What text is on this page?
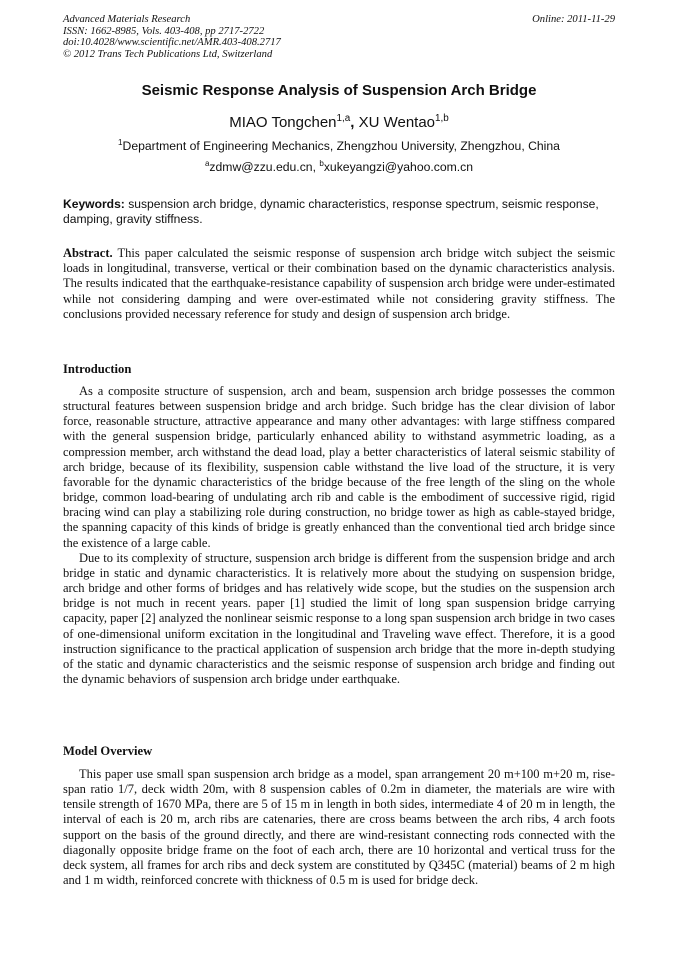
Advanced Materials Research
ISSN: 1662-8985, Vols. 403-408, pp 2717-2722
doi:10.4028/www.scientific.net/AMR.403-408.2717
© 2012 Trans Tech Publications Ltd, Switzerland
Online: 2011-11-29
Seismic Response Analysis of Suspension Arch Bridge
MIAO Tongchen$^{1,a}$, XU Wentao$^{1,b}$
$^1$Department of Engineering Mechanics, Zhengzhou University, Zhengzhou, China
$^a$zdmw@zzu.edu.cn, $^b$xukeyangzi@yahoo.com.cn
Keywords: suspension arch bridge, dynamic characteristics, response spectrum, seismic response, damping, gravity stiffness.
Abstract. This paper calculated the seismic response of suspension arch bridge witch subject the seismic loads in longitudinal, transverse, vertical or their combination based on the dynamic characteristics analysis. The results indicated that the earthquake-resistance capability of suspension arch bridge were under-estimated while not considering damping and were over-estimated while not considering gravity stiffness. The conclusions provided necessary reference for study and design of suspension arch bridge.
Introduction

As a composite structure of suspension, arch and beam, suspension arch bridge possesses the common structural features between suspension bridge and arch bridge. Such bridge has the clear division of labor force, reasonable structure, attractive appearance and many other advantages: with large stiffness compared with the general suspension bridge, particularly enhanced ability to withstand asymmetric loading, as a compression member, arch withstand the dead load, play a better characteristics of lateral seismic stability of arch bridge, because of its flexibility, suspension cable withstand the live load of the structure, it is very favorable for the dynamic characteristics of the bridge because of the free length of the sling on the whole bridge, common load-bearing of undulating arch rib and cable is the embodiment of successive rigid, rigid bracing wind can play a stabilizing role during construction, no bridge tower as high as cable-stayed bridge, the spanning capacity of this kinds of bridge is greatly enhanced than the conventional tied arch bridge since the existence of a large cable.

Due to its complexity of structure, suspension arch bridge is different from the suspension bridge and arch bridge in static and dynamic characteristics. It is relatively more about the studying on suspension bridge, arch bridge and other forms of bridges and has relatively wide scope, but the studies on the suspension arch bridge is not much in recent years. paper [1] studied the limit of long span suspension bridge carrying capacity, paper [2] analyzed the nonlinear seismic response to a long span suspension arch bridge in two cases of one-dimensional uniform excitation in the longitudinal and Traveling wave effect. Therefore, it is a good instruction significance to the practical application of suspension arch bridge that the more in-depth studying of the static and dynamic characteristics and the seismic response of suspension arch bridge and finding out the dynamic behaviors of suspension arch bridge under earthquake.

Model Overview

This paper use small span suspension arch bridge as a model, span arrangement 20 m+100 m+20 m, rise-span ratio 1/7, deck width 20m, with 8 suspension cables of 0.2m in diameter, the materials are wire with tensile strength of 1670 MPa, there are 5 of 15 m in length in both sides, intermediate 4 of 20 m in length, the interval of each is 20 m, arch ribs are catenaries, there are cross beams between the arch ribs, 4 arch foots support on the basis of the ground directly, and there are wind-resistant connecting rods connected with the diagonally opposite bridge frame on the foot of each arch, there are 10 horizontal and vertical truss for the deck system, all frames for arch ribs and deck system are constituted by Q345C (material) beams of 2 m high and 1 m width, reinforced concrete with thickness of 0.5 m is used for bridge deck.
